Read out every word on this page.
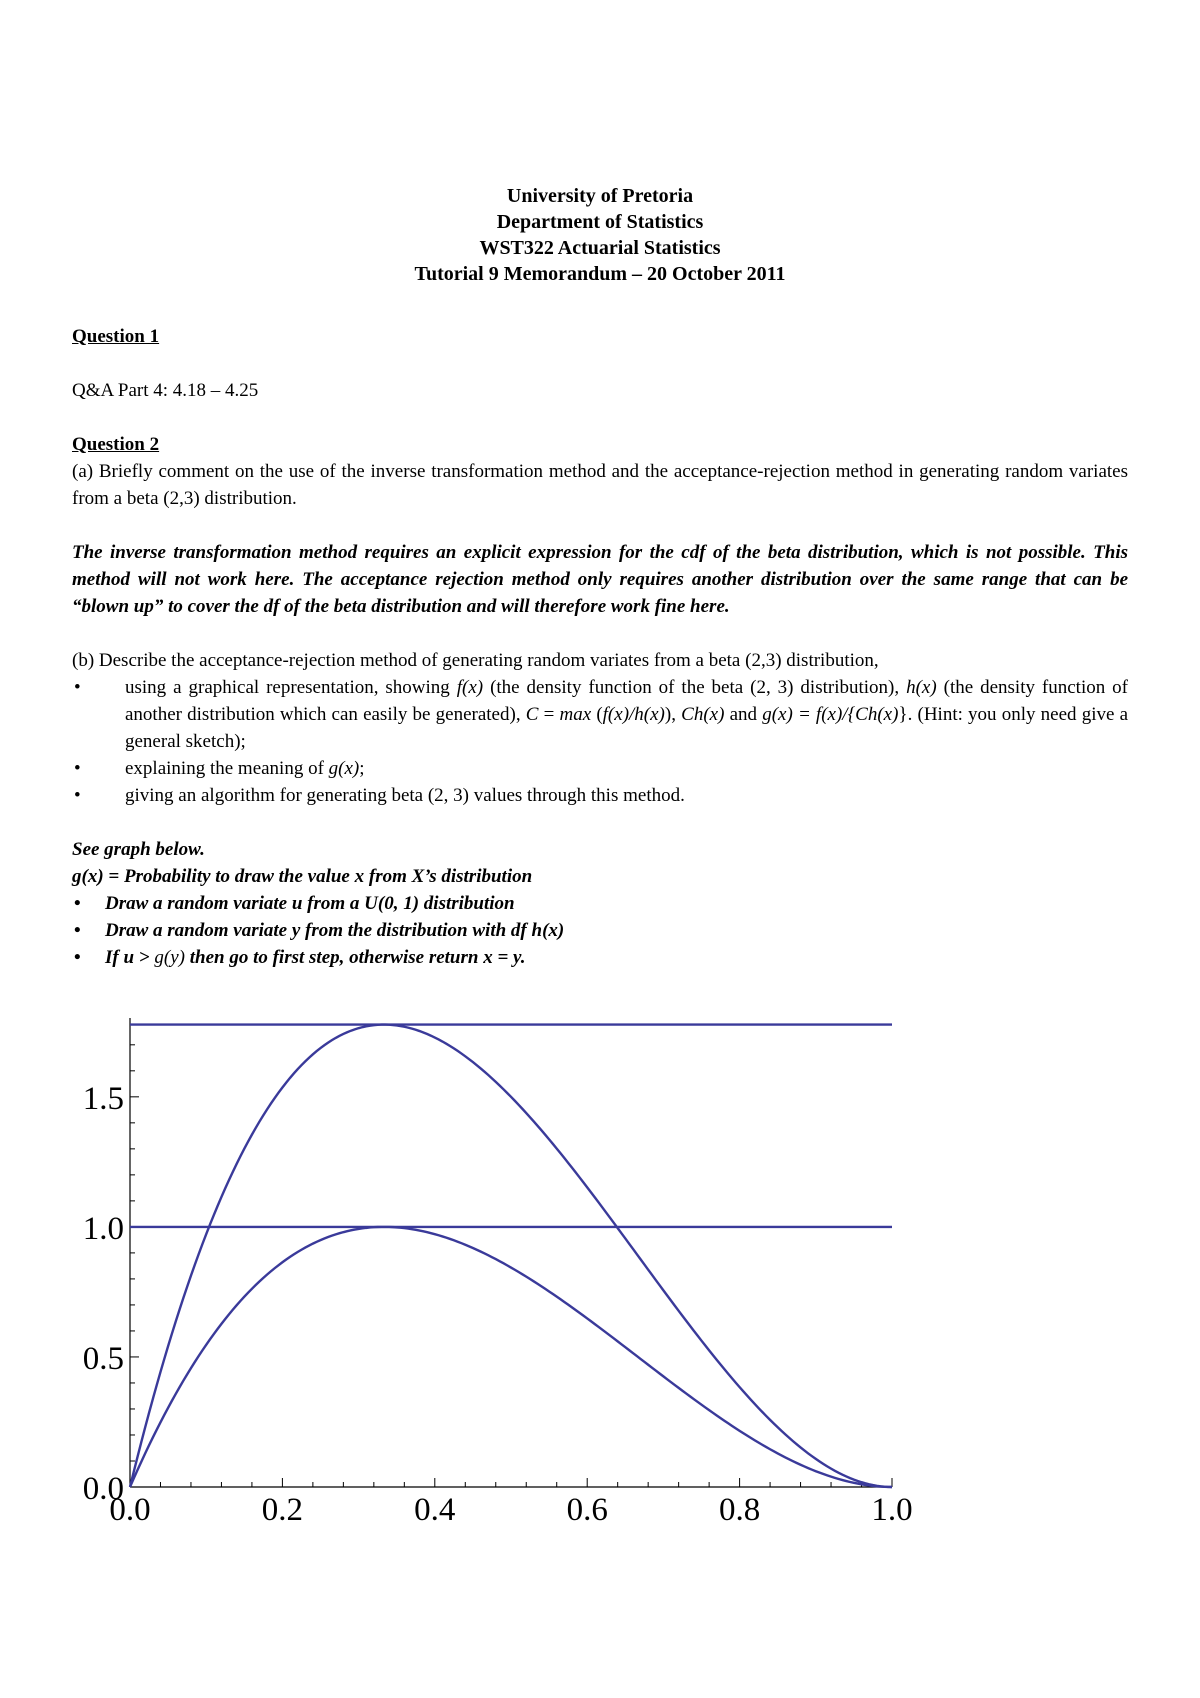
University of Pretoria
Department of Statistics
WST322 Actuarial Statistics
Tutorial 9 Memorandum – 20 October 2011
Question 1
Q&A Part 4: 4.18 – 4.25
Question 2
(a) Briefly comment on the use of the inverse transformation method and the acceptance-rejection method in generating random variates from a beta (2,3) distribution.
The inverse transformation method requires an explicit expression for the cdf of the beta distribution, which is not possible. This method will not work here. The acceptance rejection method only requires another distribution over the same range that can be “blown up” to cover the df of the beta distribution and will therefore work fine here.
(b) Describe the acceptance-rejection method of generating random variates from a beta (2,3) distribution,
• using a graphical representation, showing f(x) (the density function of the beta (2, 3) distribution), h(x) (the density function of another distribution which can easily be generated), C = max (f(x)/h(x)), Ch(x) and g(x) = f(x)/{Ch(x)}. (Hint: you only need give a general sketch);
• explaining the meaning of g(x);
• giving an algorithm for generating beta (2, 3) values through this method.
See graph below.
g(x) = Probability to draw the value x from X’s distribution
• Draw a random variate u from a U(0, 1) distribution
• Draw a random variate y from the distribution with df h(x)
• If u > g(y) then go to first step, otherwise return x = y.
0.0	0.2	0.4	0.6	0.8	1.0
0.0
0.5
1.0
1.5
